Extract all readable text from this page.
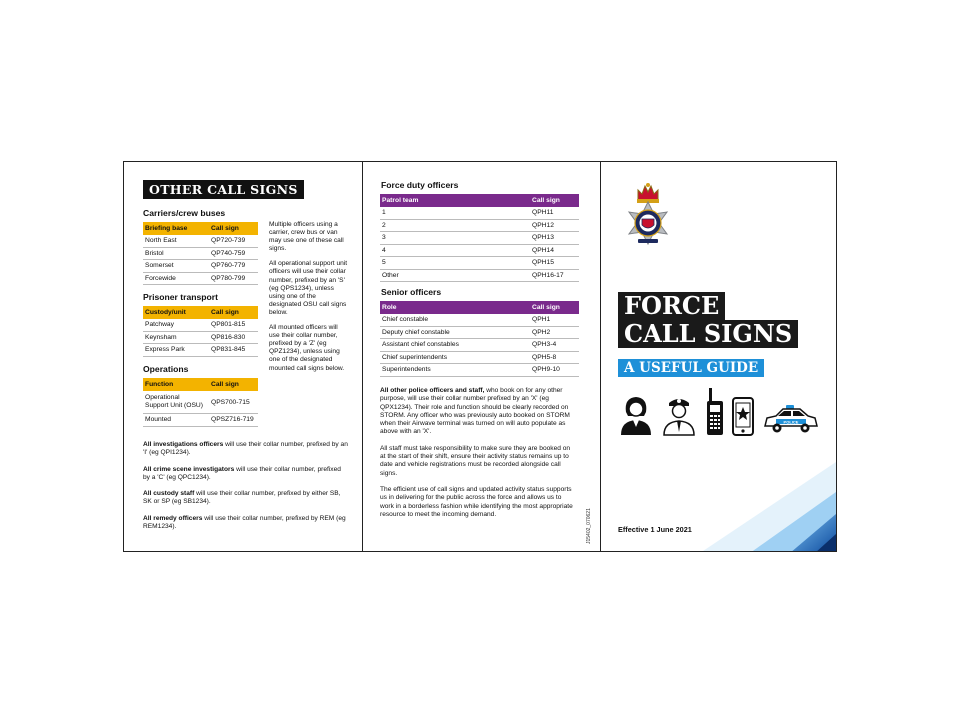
OTHER CALL SIGNS
Carriers/crew buses
Briefing base	Call sign
North East	QP720-739
Bristol	QP740-759
Somerset	QP760-779
Forcewide	QP780-799
Prisoner transport
Custody/unit	Call sign
Patchway	QP801-815
Keynsham	QP816-830
Express Park	QP831-845
Operations
Function	Call sign
Operational
Support Unit (OSU)	QPS700-715
Mounted	QPSZ716-719

Multiple officers using a carrier, crew bus or van may use one of these call signs.

All operational support unit officers will use their collar number, prefixed by an 'S' (eg QPS1234), unless using one of the designated OSU call signs below.

All mounted officers will use their collar number, prefixed by a 'Z' (eg QPZ1234), unless using one of the designated mounted call signs below.

All investigations officers will use their collar number, prefixed by an 'I' (eg QPI1234).

All crime scene investigators will use their collar number, prefixed by a 'C' (eg QPC1234).

All custody staff will use their collar number, prefixed by either SB, SK or SP (eg SB1234).

All remedy officers will use their collar number, prefixed by REM (eg REM1234).

Force duty officers
Patrol team	Call sign
1	QPH11
2	QPH12
3	QPH13
4	QPH14
5	QPH15
Other	QPH16-17
Senior officers
Role	Call sign
Chief constable	QPH1
Deputy chief constable	QPH2
Assistant chief constables	QPH3-4
Chief superintendents	QPH5-8
Superintendents	QPH9-10

All other police officers and staff, who book on for any other purpose, will use their collar number prefixed by an 'X' (eg QPX1234). Their role and function should be clearly recorded on STORM. Any officer who was previously auto booked on STORM when their Airwave terminal was turned on will auto populate as above with an 'X'.

All staff must take responsibility to make sure they are booked on at the start of their shift, ensure their activity status remains up to date and vehicle registrations must be recorded alongside call signs.

The efficient use of call signs and updated activity status supports us in delivering for the public across the force and allows us to work in a borderless fashion while identifying the most appropriate resource to meet the incoming demand.	J15402_070621
FORCE
CALL SIGNS
A USEFUL GUIDE
POLICE
Effective 1 June 2021
